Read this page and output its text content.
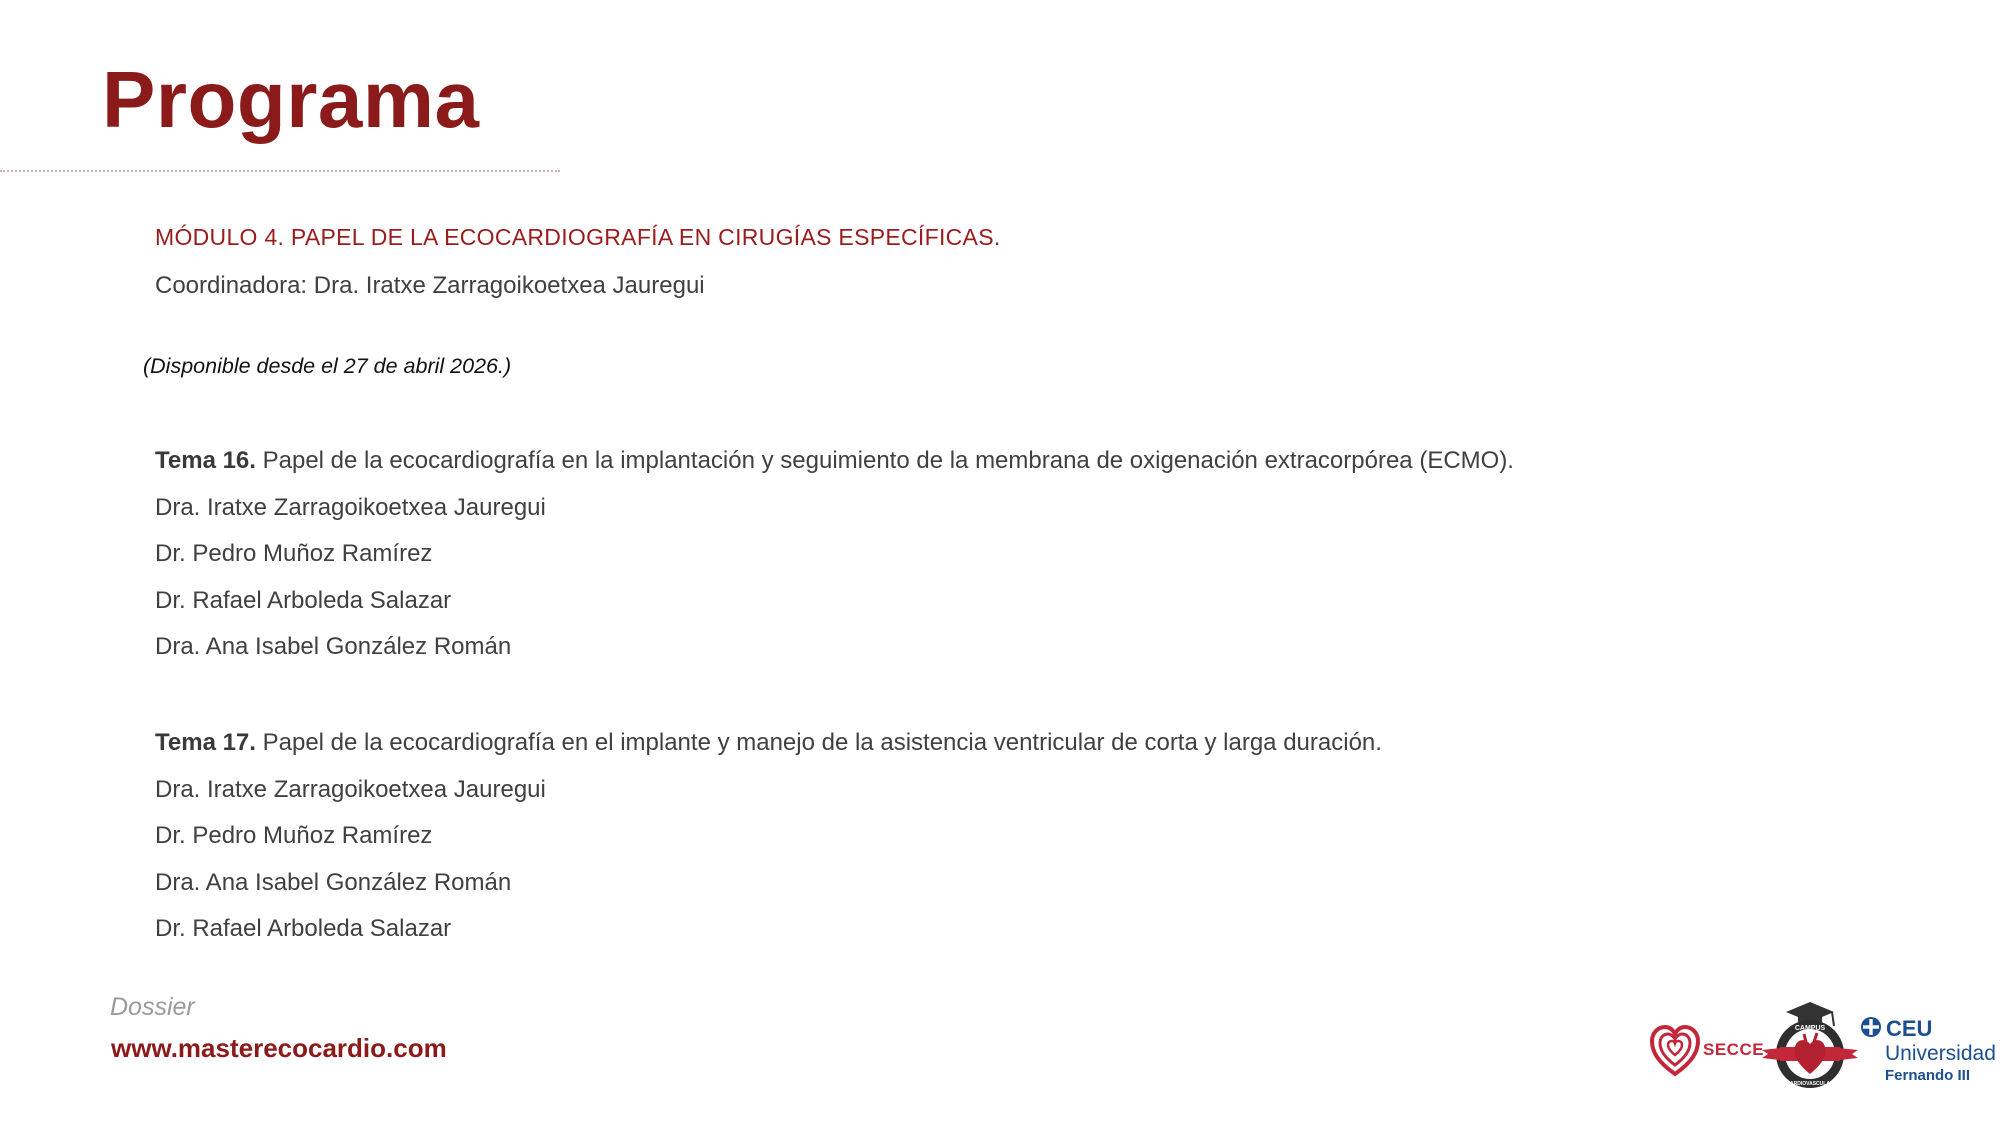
Programa
MÓDULO 4. PAPEL DE LA ECOCARDIOGRAFÍA EN CIRUGÍAS ESPECÍFICAS.
Coordinadora: Dra. Iratxe Zarragoikoetxea Jauregui
(Disponible desde el 27 de abril 2026.)
Tema 16. Papel de la ecocardiografía en la implantación y seguimiento de la membrana de oxigenación extracorpórea (ECMO).
Dra. Iratxe Zarragoikoetxea Jauregui
Dr. Pedro Muñoz Ramírez
Dr. Rafael Arboleda Salazar
Dra. Ana Isabel González Román
Tema 17. Papel de la ecocardiografía en el implante y manejo de la asistencia ventricular de corta y larga duración.
Dra. Iratxe Zarragoikoetxea Jauregui
Dr. Pedro Muñoz Ramírez
Dra. Ana Isabel González Román
Dr. Rafael Arboleda Salazar
Dossier
www.masterecocardio.com	SECCE
CAMPUS
CARDIOVASCULAR
CEU
Universidad
Fernando III
